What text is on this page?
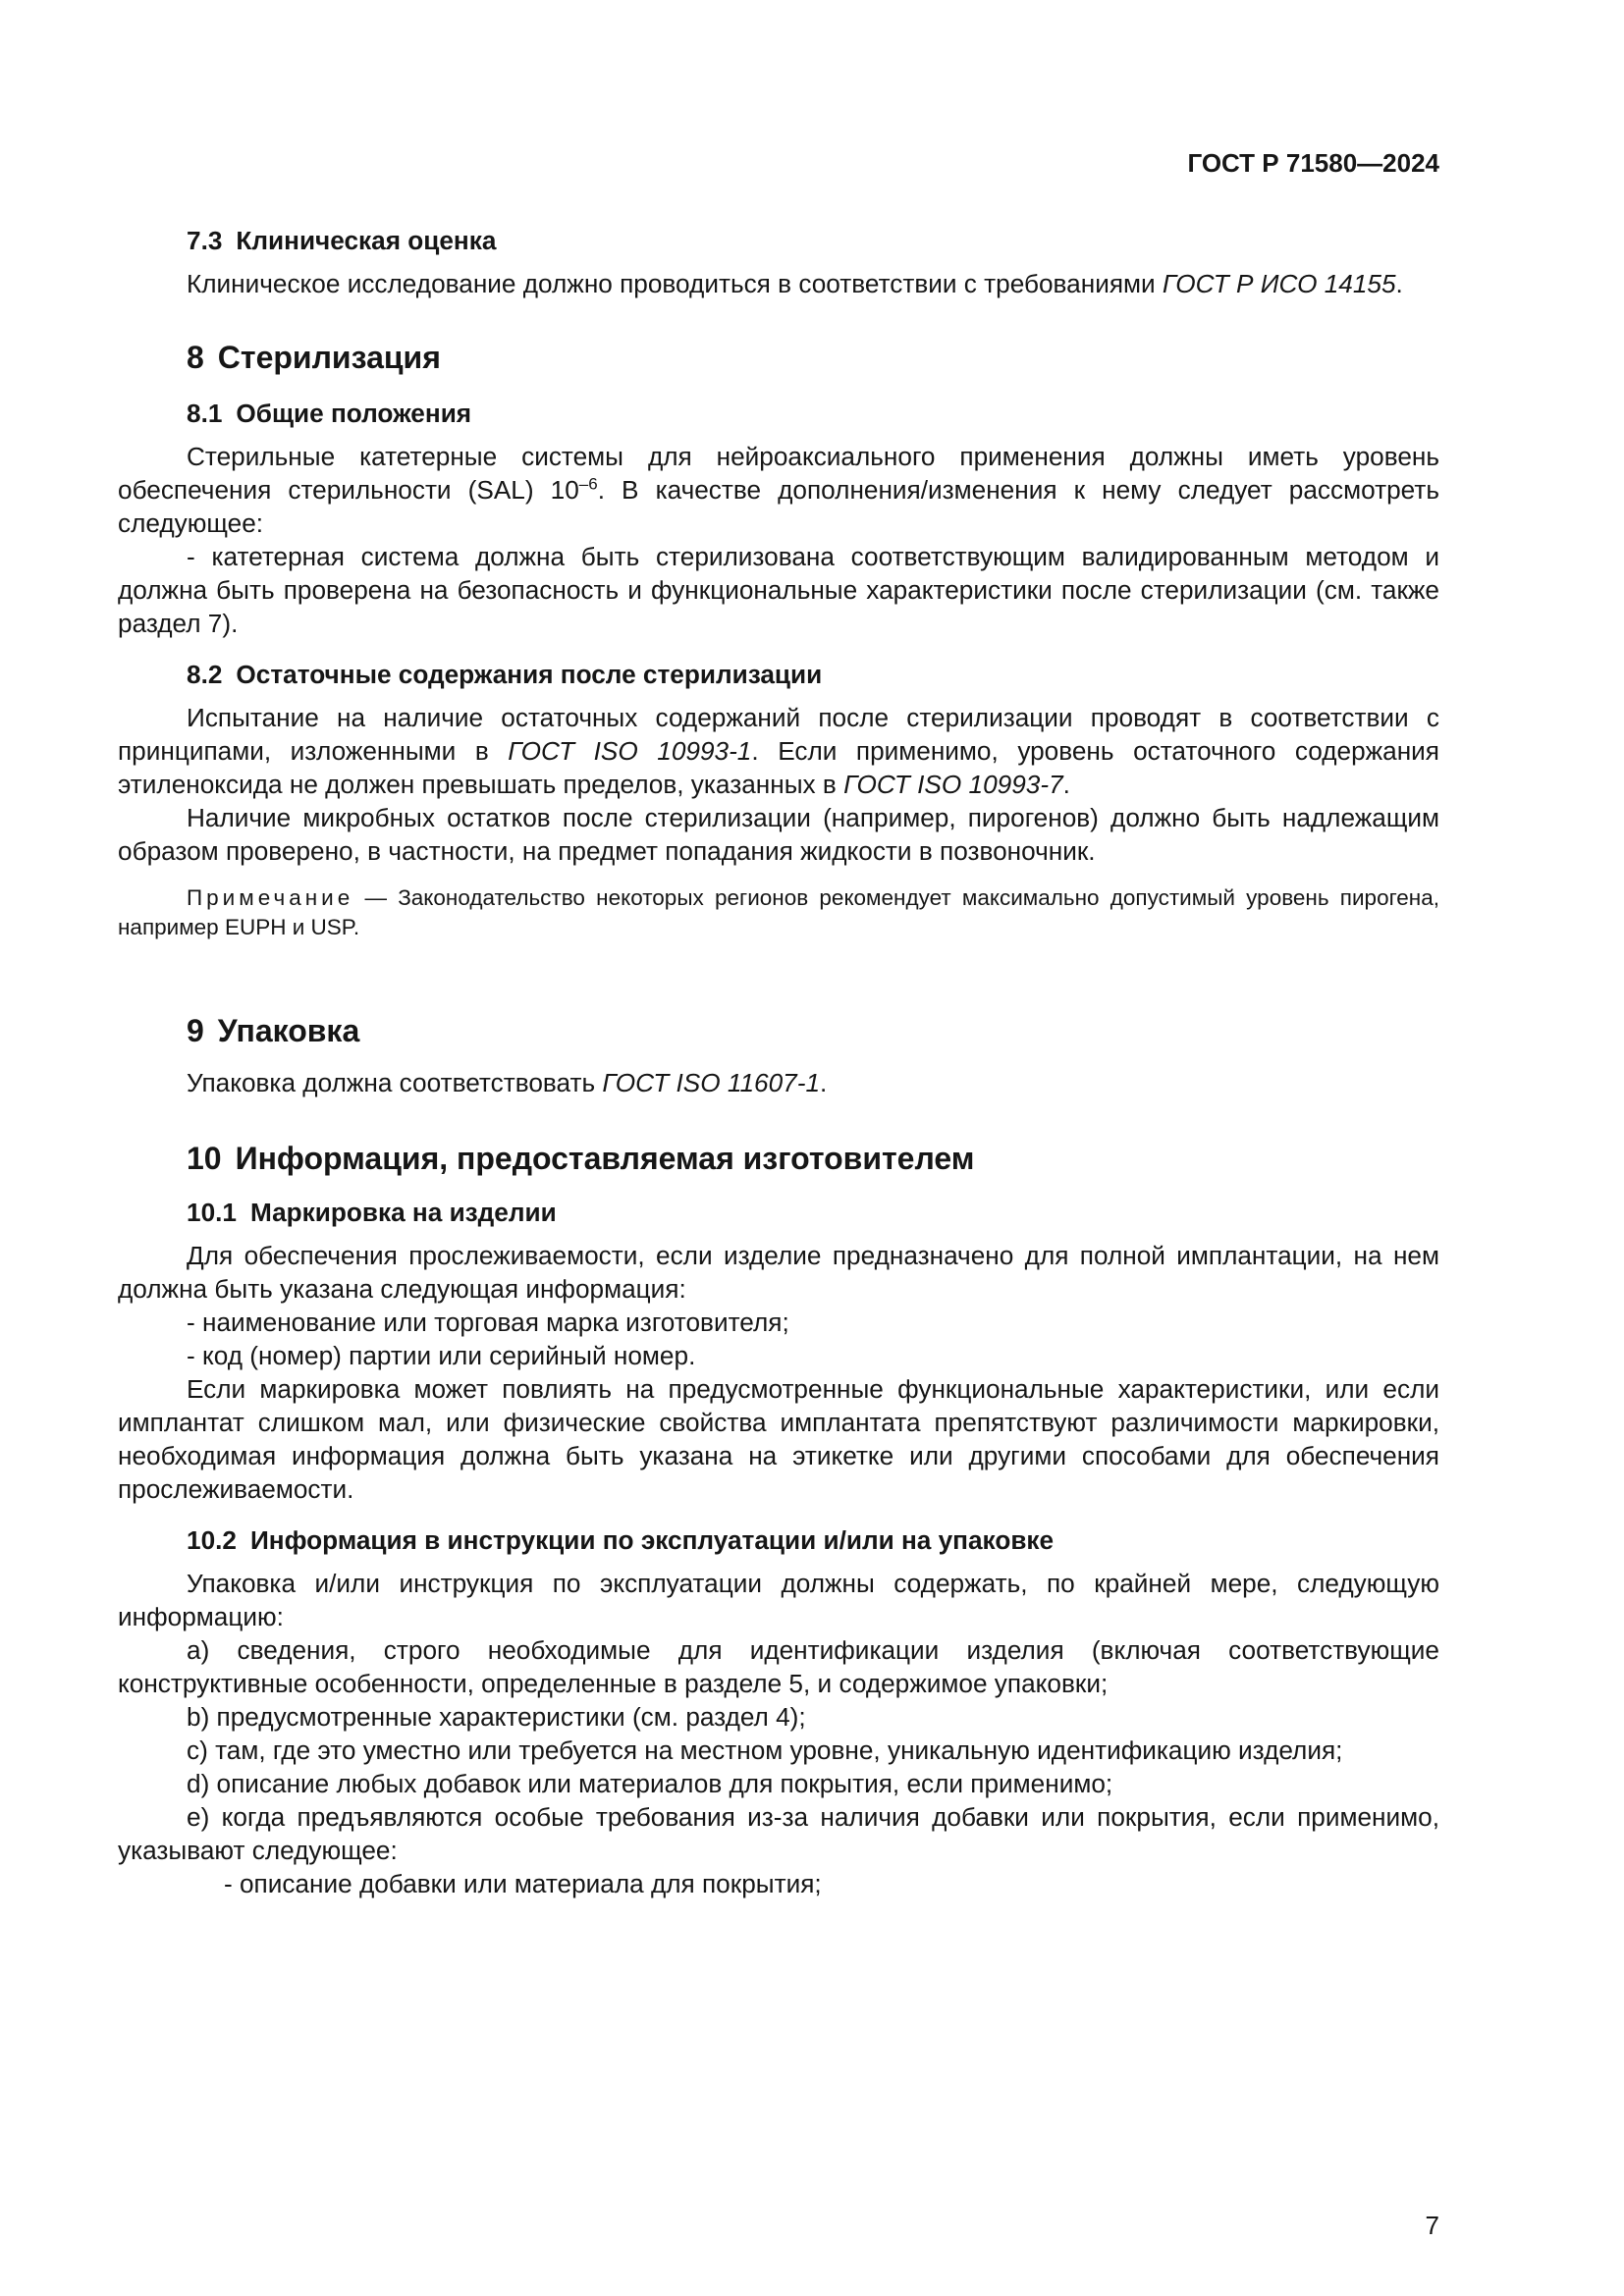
ГОСТ Р 71580—2024
7.3 Клиническая оценка

Клиническое исследование должно проводиться в соответствии с требованиями ГОСТ Р ИСО 14155.

8 Стерилизация
8.1 Общие положения

Стерильные катетерные системы для нейроаксиального применения должны иметь уровень обеспечения стерильности (SAL) $10^{-6}$. В качестве дополнения/изменения к нему следует рассмотреть следующее:

- катетерная система должна быть стерилизована соответствующим валидированным методом и должна быть проверена на безопасность и функциональные характеристики после стерилизации (см. также раздел 7).

8.2 Остаточные содержания после стерилизации

Испытание на наличие остаточных содержаний после стерилизации проводят в соответствии с принципами, изложенными в ГОСТ ISO 10993-1. Если применимо, уровень остаточного содержания этиленоксида не должен превышать пределов, указанных в ГОСТ ISO 10993-7.

Наличие микробных остатков после стерилизации (например, пирогенов) должно быть надлежащим образом проверено, в частности, на предмет попадания жидкости в позвоночник.

Примечание — Законодательство некоторых регионов рекомендует максимально допустимый уровень пирогена, например EUPH и USP.
9 Упаковка

Упаковка должна соответствовать ГОСТ ISO 11607-1.

10 Информация, предоставляемая изготовителем
10.1 Маркировка на изделии

Для обеспечения прослеживаемости, если изделие предназначено для полной имплантации, на нем должна быть указана следующая информация:

- наименование или торговая марка изготовителя;

- код (номер) партии или серийный номер.

Если маркировка может повлиять на предусмотренные функциональные характеристики, или если имплантат слишком мал, или физические свойства имплантата препятствуют различимости маркировки, необходимая информация должна быть указана на этикетке или другими способами для обеспечения прослеживаемости.

10.2 Информация в инструкции по эксплуатации и/или на упаковке

Упаковка и/или инструкция по эксплуатации должны содержать, по крайней мере, следующую информацию:

a) сведения, строго необходимые для идентификации изделия (включая соответствующие конструктивные особенности, определенные в разделе 5, и содержимое упаковки;

b) предусмотренные характеристики (см. раздел 4);

c) там, где это уместно или требуется на местном уровне, уникальную идентификацию изделия;

d) описание любых добавок или материалов для покрытия, если применимо;

e) когда предъявляются особые требования из-за наличия добавки или покрытия, если применимо, указывают следующее:

- описание добавки или материала для покрытия;

7
